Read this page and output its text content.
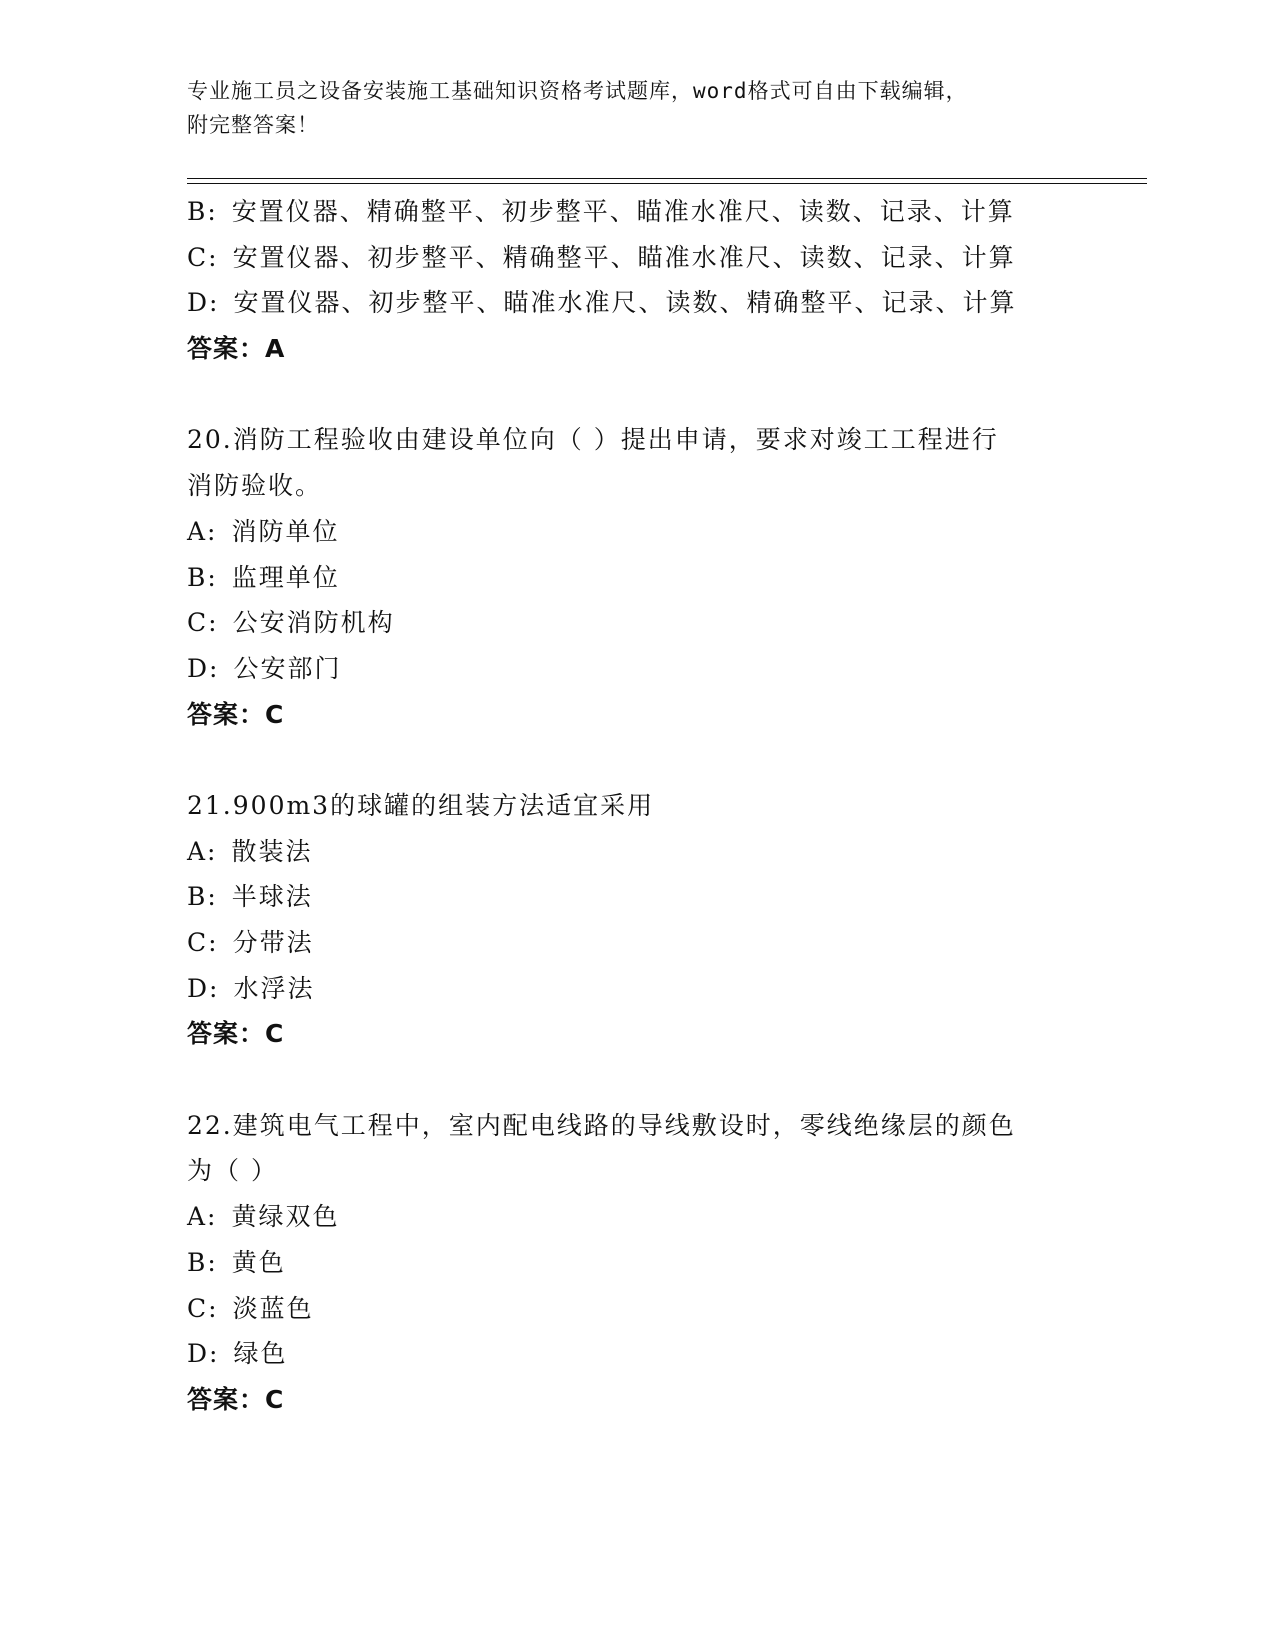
专业施工员之设备安装施工基础知识资格考试题库，word格式可自由下载编辑，
附完整答案！
B: 安置仪器、精确整平、初步整平、瞄准水准尺、读数、记录、计算
C: 安置仪器、初步整平、精确整平、瞄准水准尺、读数、记录、计算
D: 安置仪器、初步整平、瞄准水准尺、读数、精确整平、记录、计算
答案：A
20.消防工程验收由建设单位向（ ）提出申请，要求对竣工工程进行
消防验收。
A: 消防单位
B: 监理单位
C: 公安消防机构
D: 公安部门
答案：C
21.900m3的球罐的组装方法适宜采用
A: 散装法
B: 半球法
C: 分带法
D: 水浮法
答案：C
22.建筑电气工程中，室内配电线路的导线敷设时，零线绝缘层的颜色
为（ ）
A: 黄绿双色
B: 黄色
C: 淡蓝色
D: 绿色
答案：C
